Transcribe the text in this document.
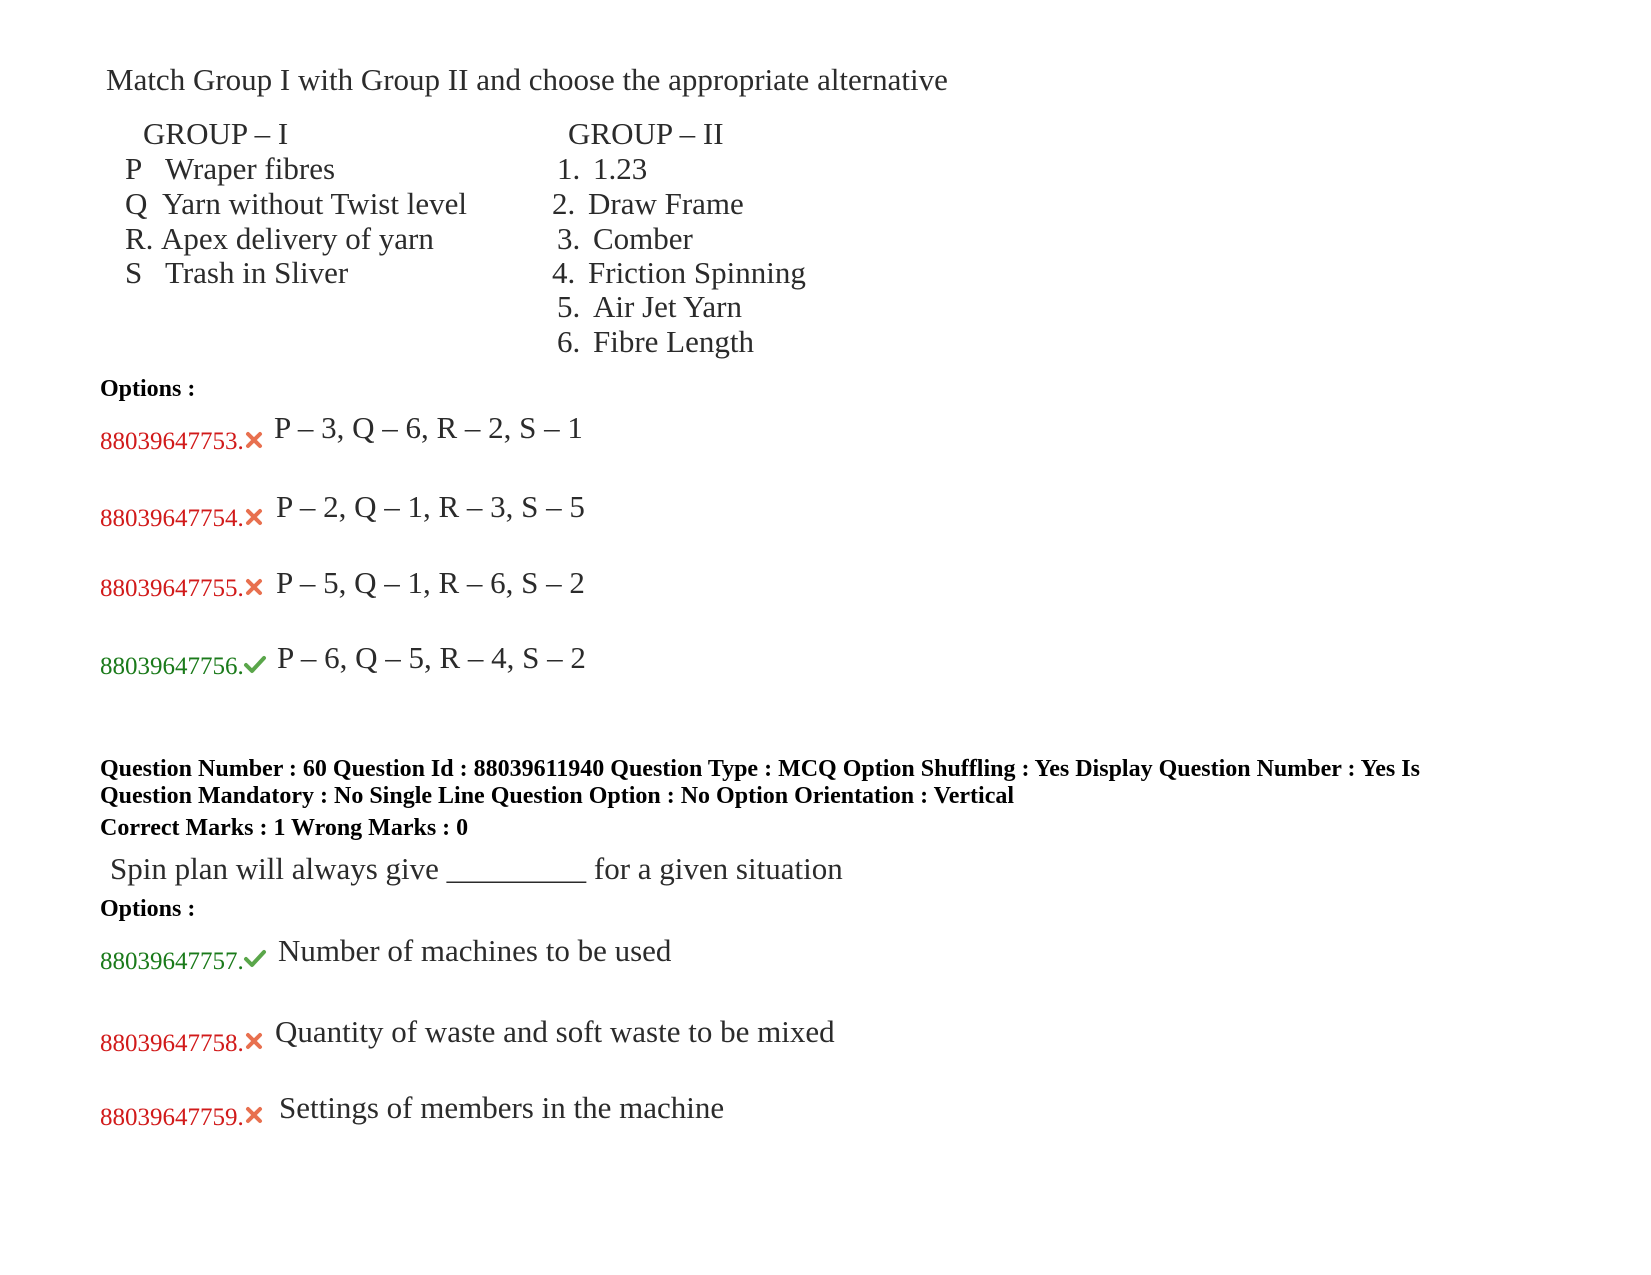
Match Group I with Group II and choose the appropriate alternative
GROUP – I	GROUP – II
P Wraper fibres
Q Yarn without Twist level
R. Apex delivery of yarn
S Trash in Sliver
1. 1.23
2. Draw Frame
3. Comber
4. Friction Spinning
5. Air Jet Yarn
6. Fibre Length
Options :
88039647753. P – 3, Q – 6, R – 2, S – 1
88039647754. P – 2, Q – 1, R – 3, S – 5
88039647755. P – 5, Q – 1, R – 6, S – 2
88039647756. P – 6, Q – 5, R – 4, S – 2
Question Number : 60 Question Id : 88039611940 Question Type : MCQ Option Shuffling : Yes Display Question Number : Yes Is
Question Mandatory : No Single Line Question Option : No Option Orientation : Vertical
Correct Marks : 1 Wrong Marks : 0
Spin plan will always give _________ for a given situation
Options :
88039647757. Number of machines to be used
88039647758. Quantity of waste and soft waste to be mixed
88039647759. Settings of members in the machine
